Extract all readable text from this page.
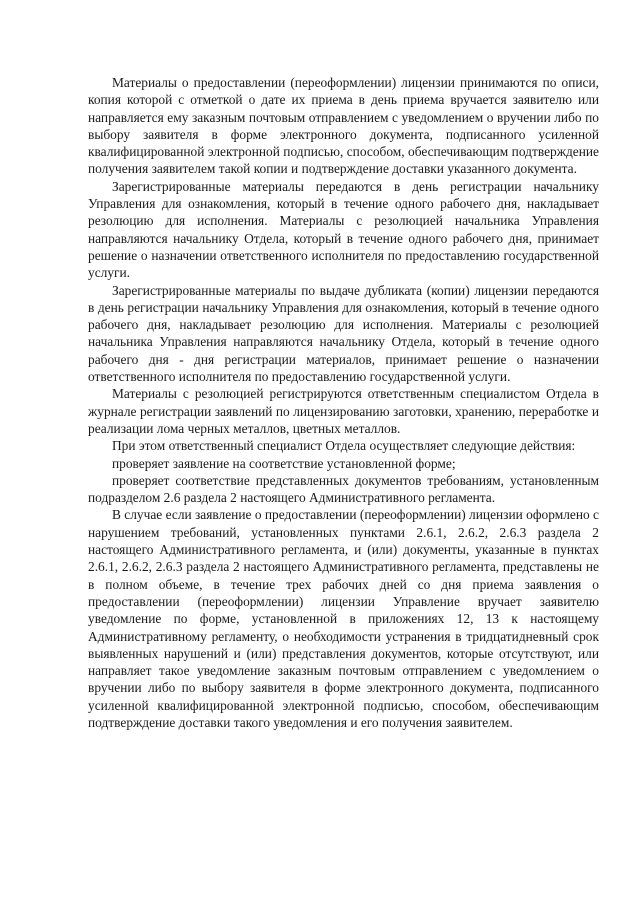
Материалы о предоставлении (переоформлении) лицензии принимаются по описи, копия которой с отметкой о дате их приема в день приема вручается заявителю или направляется ему заказным почтовым отправлением с уведомлением о вручении либо по выбору заявителя в форме электронного документа, подписанного усиленной квалифицированной электронной подписью, способом, обеспечивающим подтверждение получения заявителем такой копии и подтверждение доставки указанного документа.

Зарегистрированные материалы передаются в день регистрации начальнику Управления для ознакомления, который в течение одного рабочего дня, накладывает резолюцию для исполнения. Материалы с резолюцией начальника Управления направляются начальнику Отдела, который в течение одного рабочего дня, принимает решение о назначении ответственного исполнителя по предоставлению государственной услуги.

Зарегистрированные материалы по выдаче дубликата (копии) лицензии передаются в день регистрации начальнику Управления для ознакомления, который в течение одного рабочего дня, накладывает резолюцию для исполнения. Материалы с резолюцией начальника Управления направляются начальнику Отдела, который в течение одного рабочего дня - дня регистрации материалов, принимает решение о назначении ответственного исполнителя по предоставлению государственной услуги.

Материалы с резолюцией регистрируются ответственным специалистом Отдела в журнале регистрации заявлений по лицензированию заготовки, хранению, переработке и реализации лома черных металлов, цветных металлов.

При этом ответственный специалист Отдела осуществляет следующие действия:

проверяет заявление на соответствие установленной форме;

проверяет соответствие представленных документов требованиям, установленным подразделом 2.6 раздела 2 настоящего Административного регламента.

В случае если заявление о предоставлении (переоформлении) лицензии оформлено с нарушением требований, установленных пунктами 2.6.1, 2.6.2, 2.6.3 раздела 2 настоящего Административного регламента, и (или) документы, указанные в пунктах 2.6.1, 2.6.2, 2.6.3 раздела 2 настоящего Административного регламента, представлены не в полном объеме, в течение трех рабочих дней со дня приема заявления о предоставлении (переоформлении) лицензии Управление вручает заявителю уведомление по форме, установленной в приложениях 12, 13 к настоящему Административному регламенту, о необходимости устранения в тридцатидневный срок выявленных нарушений и (или) представления документов, которые отсутствуют, или направляет такое уведомление заказным почтовым отправлением с уведомлением о вручении либо по выбору заявителя в форме электронного документа, подписанного усиленной квалифицированной электронной подписью, способом, обеспечивающим подтверждение доставки такого уведомления и его получения заявителем.
